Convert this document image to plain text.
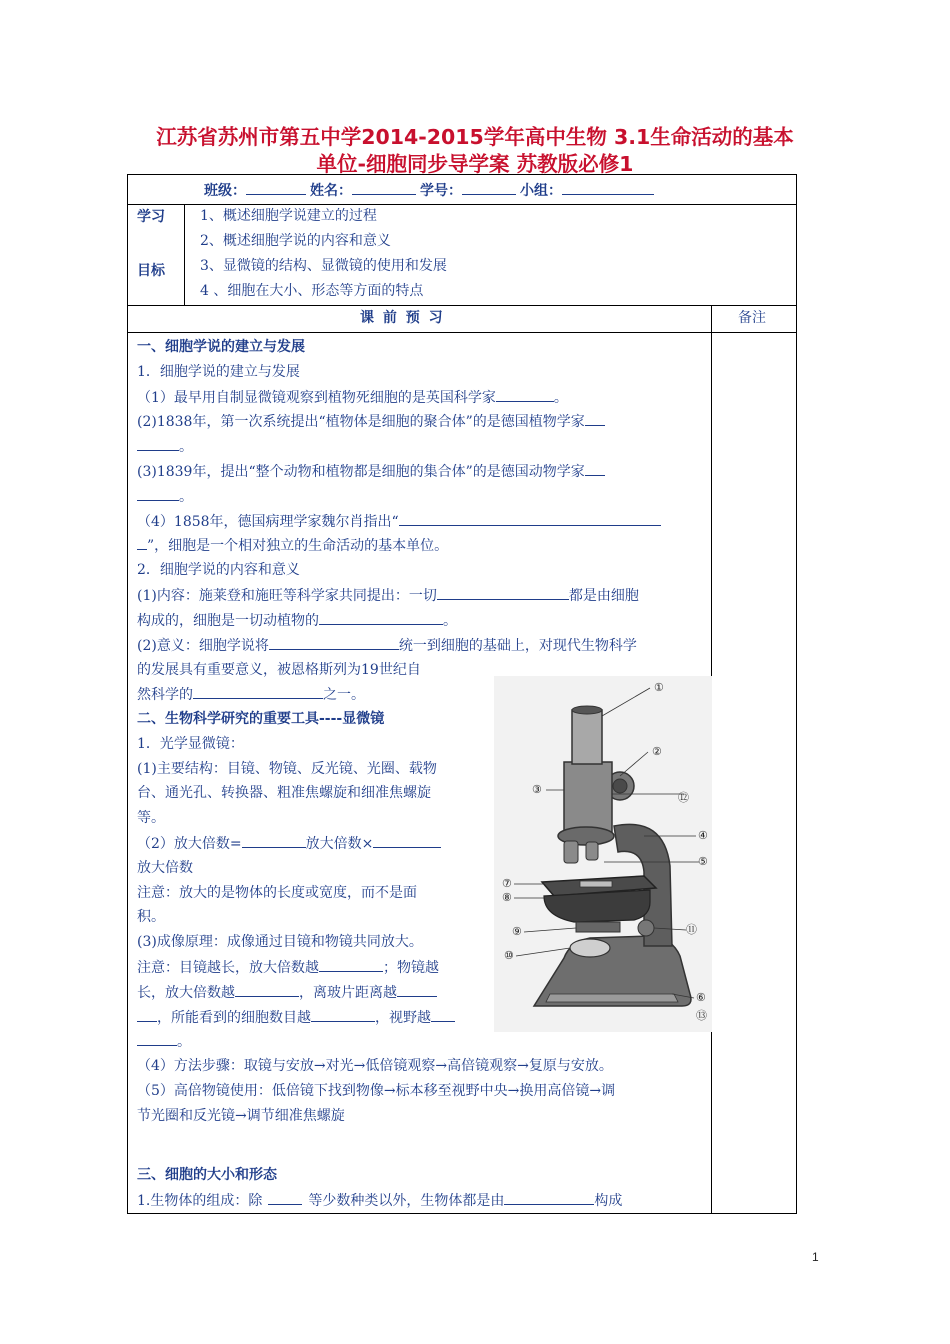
江苏省苏州市第五中学2014-2015学年高中生物 3.1生命活动的基本
单位-细胞同步导学案 苏教版必修1
班级：	姓名：	学号：	小组：
学习
目标
1、概述细胞学说建立的过程
2、概述细胞学说的内容和意义
3、显微镜的结构、显微镜的使用和发展
4 、细胞在大小、形态等方面的特点
课 前 预 习	备注
一、细胞学说的建立与发展
1．细胞学说的建立与发展
（1）最早用自制显微镜观察到植物死细胞的是英国科学家	。
(2)1838年，第一次系统提出“植物体是细胞的聚合体”的是德国植物学家
。
(3)1839年，提出“整个动物和植物都是细胞的集合体”的是德国动物学家
。
（4）1858年，德国病理学家魏尔肖指出“
”，细胞是一个相对独立的生命活动的基本单位。
2．细胞学说的内容和意义
(1)内容：施莱登和施旺等科学家共同提出：一切	都是由细胞
构成的，细胞是一切动植物的	。
(2)意义：细胞学说将	统一到细胞的基础上，对现代生物科学
的发展具有重要意义，被恩格斯列为19世纪自
然科学的	之一。
二、生物科学研究的重要工具----显微镜
1．光学显微镜：
(1)主要结构：目镜、物镜、反光镜、光圈、载物
台、通光孔、转换器、粗准焦螺旋和细准焦螺旋
等。
（2）放大倍数=	放大倍数×
放大倍数
注意：放大的是物体的长度或宽度，而不是面
积。
(3)成像原理：成像通过目镜和物镜共同放大。
注意：目镜越长，放大倍数越	；物镜越
长，放大倍数越	，离玻片距离越
，所能看到的细胞数目越	，视野越
。
（4）方法步骤：取镜与安放→对光→低倍镜观察→高倍镜观察→复原与安放。
（5）高倍物镜使用：低倍镜下找到物像→标本移至视野中央→换用高倍镜→调
节光圈和反光镜→调节细准焦螺旋
三、细胞的大小和形态
1.生物体的组成：除	等少数种类以外，生物体都是由	构成
①
②
③
⑫
④
⑤
⑦
⑧
⑨
⑩
⑪
⑥
⑬
1
